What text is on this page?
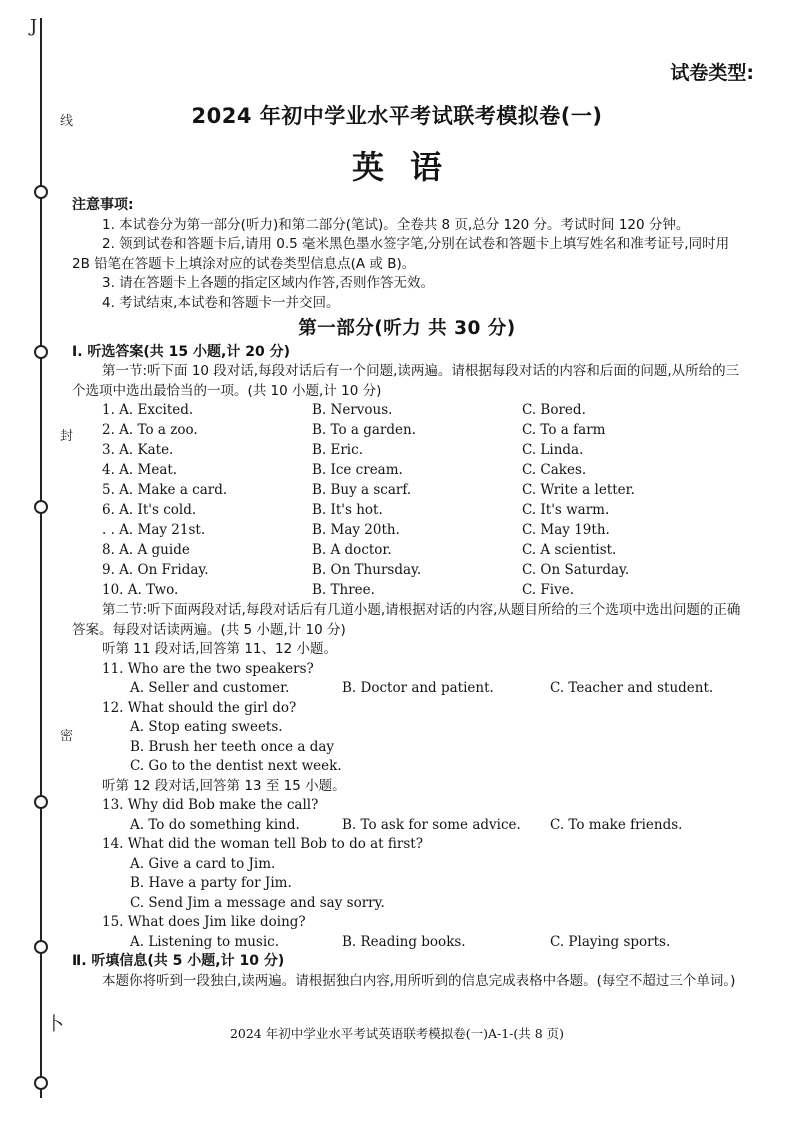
J
线
封
密
卜
试卷类型:
2024 年初中学业水平考试联考模拟卷(一)
英语
注意事项:
1. 本试卷分为第一部分(听力)和第二部分(笔试)。全卷共 8 页,总分 120 分。考试时间 120 分钟。
2. 领到试卷和答题卡后,请用 0.5 毫米黑色墨水签字笔,分别在试卷和答题卡上填写姓名和准考证号,同时用 2B 铅笔在答题卡上填涂对应的试卷类型信息点(A 或 B)。
3. 请在答题卡上各题的指定区域内作答,否则作答无效。
4. 考试结束,本试卷和答题卡一并交回。
第一部分(听力 共 30 分)
Ⅰ. 听选答案(共 15 小题,计 20 分)
第一节:听下面 10 段对话,每段对话后有一个问题,读两遍。请根据每段对话的内容和后面的问题,从所给的三个选项中选出最恰当的一项。(共 10 小题,计 10 分)
1. A. Excited.	B. Nervous.	C. Bored.
2. A. To a zoo.	B. To a garden.	C. To a farm
3. A. Kate.	B. Eric.	C. Linda.
4. A. Meat.	B. Ice cream.	C. Cakes.
5. A. Make a card.	B. Buy a scarf.	C. Write a letter.
6. A. It's cold.	B. It's hot.	C. It's warm.
. . A. May 21st.	B. May 20th.	C. May 19th.
8. A. A guide	B. A doctor.	C. A scientist.
9. A. On Friday.	B. On Thursday.	C. On Saturday.
10. A. Two.	B. Three.	C. Five.
第二节:听下面两段对话,每段对话后有几道小题,请根据对话的内容,从题目所给的三个选项中选出问题的正确答案。每段对话读两遍。(共 5 小题,计 10 分)
听第 11 段对话,回答第 11、12 小题。
11. Who are the two speakers?
A. Seller and customer.	B. Doctor and patient.	C. Teacher and student.
12. What should the girl do?
A. Stop eating sweets.
B. Brush her teeth once a day
C. Go to the dentist next week.
听第 12 段对话,回答第 13 至 15 小题。
13. Why did Bob make the call?
A. To do something kind.	B. To ask for some advice.	C. To make friends.
14. What did the woman tell Bob to do at first?
A. Give a card to Jim.
B. Have a party for Jim.
C. Send Jim a message and say sorry.
15. What does Jim like doing?
A. Listening to music.	B. Reading books.	C. Playing sports.
Ⅱ. 听填信息(共 5 小题,计 10 分)
本题你将听到一段独白,读两遍。请根据独白内容,用所听到的信息完成表格中各题。(每空不超过三个单词。)
2024 年初中学业水平考试英语联考模拟卷(一)A-1-(共 8 页)
